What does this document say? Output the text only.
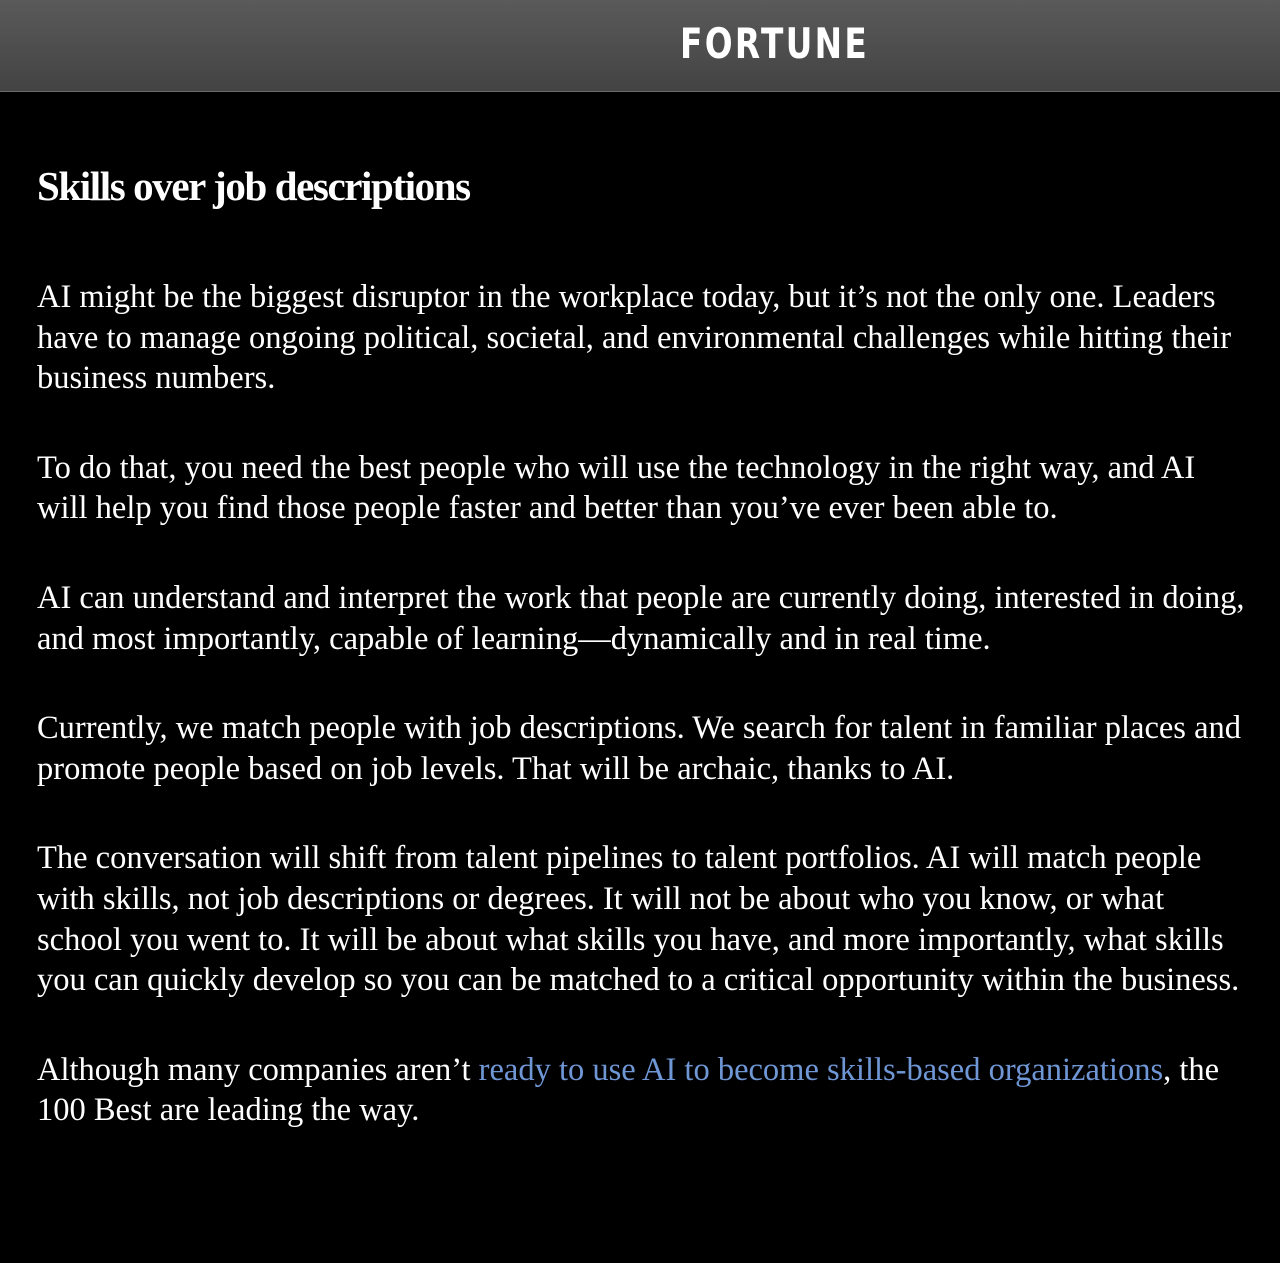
FORTUNE
Skills over job descriptions

AI might be the biggest disruptor in the workplace today, but it’s not the only one. Leaders have to manage ongoing political, societal, and environmental challenges while hitting their business numbers.

To do that, you need the best people who will use the technology in the right way, and AI will help you find those people faster and better than you’ve ever been able to.

AI can understand and interpret the work that people are currently doing, interested in doing, and most importantly, capable of learning—dynamically and in real time.

Currently, we match people with job descriptions. We search for talent in familiar places and promote people based on job levels. That will be archaic, thanks to AI.

The conversation will shift from talent pipelines to talent portfolios. AI will match people with skills, not job descriptions or degrees. It will not be about who you know, or what school you went to. It will be about what skills you have, and more importantly, what skills you can quickly develop so you can be matched to a critical opportunity within the business.

Although many companies aren’t ready to use AI to become skills-based organizations, the 100 Best are leading the way.
